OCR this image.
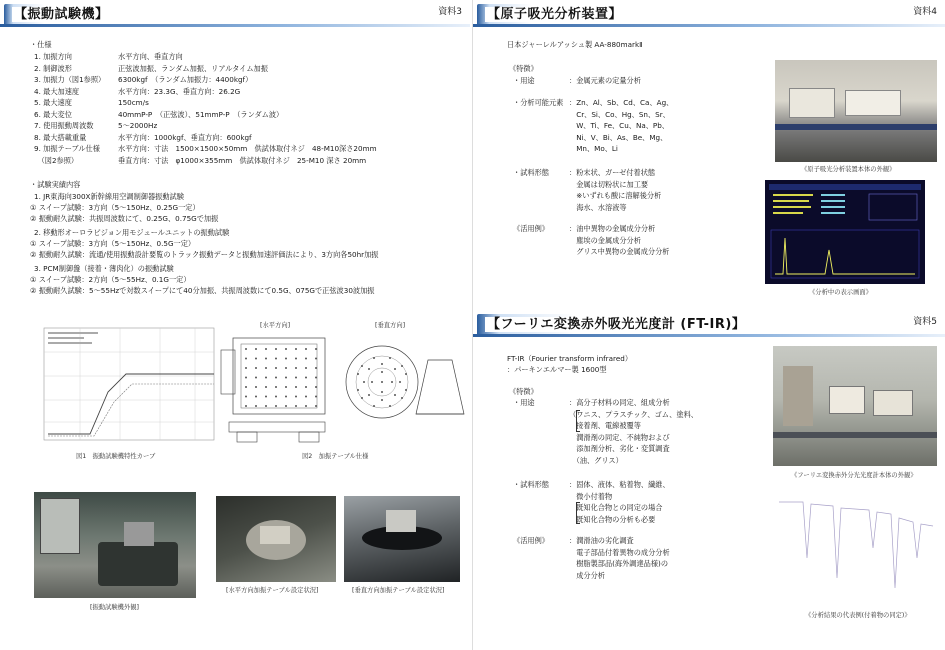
【振動試験機】	資料3
・仕様
1. 加振方向	水平方向、垂直方向
2. 制御波形	正弦波加振、ランダム加振、リアルタイム加振
3. 加振力（図1参照） 6300kgf　（ランダム加振力：4400kgf）
4. 最大加速度	水平方向：23.3G、垂直方向：26.2G
5. 最大速度	150cm/s
6. 最大変位	40mmP-P　（正弦波）、51mmP-P　（ランダム波）
7. 使用振動周波数	5～2000Hz
8. 最大搭載重量	水平方向：1000kgf、垂直方向：600kgf
9. 加振テーブル仕様	水平方向：寸法　1500×1500×50mm　供試体取付ネジ　48-M10深さ20mm
　（図2参照）	垂直方向：寸法　φ1000×355mm　供試体取付ネジ　25-M10 深さ 20mm
・試験実績内容
1. JR東海向300X新幹線用空調制御器振動試験
① スイープ試験：3方向（5～150Hz、0.25G一定）
② 振動耐久試験：共振周波数にて、0.25G、0.75Gで加振
2. 移動形オーロラビジョン用モジュールユニットの振動試験
① スイープ試験：3方向（5～150Hz、0.5G一定）
② 振動耐久試験：流通/使用振動設計要覧のトラック振動データと振動加速評価法により、3方向各50hr加振
3. PCM制御盤（接着・薄肉化）の振動試験
① スイープ試験：2方向（5～55Hz、0.1G一定）
② 振動耐久試験：5～55Hzで対数スイープにて40分加振、共振周波数にて0.5G、075Gで正弦波30波加振
図1　振動試験機特性カーブ
[水平方向]	[垂直方向]
図2　加振テーブル仕様
[振動試験機外観]
[水平方向加振テーブル設定状況]	[垂直方向加振テーブル設定状況]
【原子吸光分析装置】	資料4
日本ジャーレルアッシュ製 AA-880markⅡ
《特徴》
・用途	：金属元素の定量分析
・分析可能元素 ：Zn、Al、Sb、Cd、Ca、Ag、
　Cr、Si、Co、Hg、Sn、Sr、
　W、Ti、Fe、Cu、Na、Pb、
　Ni、V、Bi、As、Be、Mg、
　Mn、Mo、Li
・試料形態	：粉末状、ガーゼ付着状態
　金属は切粉状に加工要
　※いずれも酸に溶解後分析
　海水、水溶液等
《活用例》	：油中異物の金属成分分析
　塵埃の金属成分分析
　グリス中異物の金属成分分析
《原子吸光分析装置本体の外観》
《分析中の表示画面》
【フーリエ変換赤外吸光光度計 (FT-IR)】	資料5
FT-IR（Fourier transform infrared）
：パーキンエルマー製 1600型
《特徴》
・用途	：高分子材料の同定、組成分析
（ワニス、プラスチック、ゴム、塗料、
　接着剤、電線被覆等
　潤滑剤の同定、不純物および
　添加剤分析、劣化・変質調査
　（油、グリス）
・試料形態	：固体、液体、粘着物、繊維、
　微小付着物
　既知化合物との同定の場合
　既知化合物の分析も必要
《活用例》	：潤滑油の劣化調査
　電子部品付着異物の成分分析
　樹脂製部品(海外調達品様)の
　成分分析
《フーリエ変換赤外分光光度計本体の外観》
《分析結果の代表例(付着物の同定)》
